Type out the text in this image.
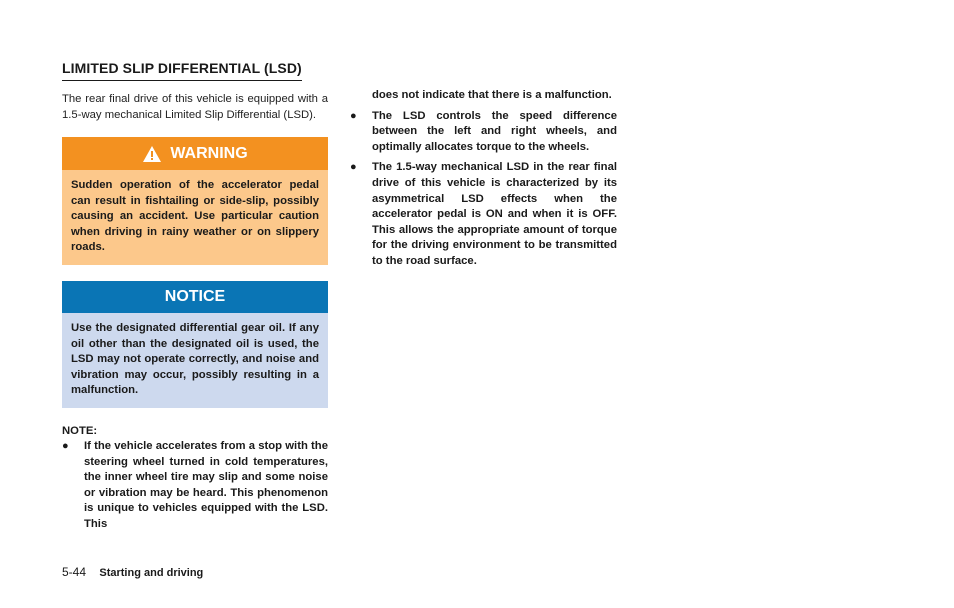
LIMITED SLIP DIFFERENTIAL (LSD)

The rear final drive of this vehicle is equipped with a 1.5-way mechanical Limited Slip Differential (LSD).

WARNING
Sudden operation of the accelerator pedal can result in fishtailing or side-slip, possibly causing an accident. Use particular caution when driving in rainy weather or on slippery roads.
NOTICE
Use the designated differential gear oil. If any oil other than the designated oil is used, the LSD may not operate correctly, and noise and vibration may occur, possibly resulting in a malfunction.
NOTE:
● If the vehicle accelerates from a stop with the steering wheel turned in cold temperatures, the inner wheel tire may slip and some noise or vibration may be heard. This phenomenon is unique to vehicles equipped with the LSD. This

does not indicate that there is a malfunction.

● The LSD controls the speed difference between the left and right wheels, and optimally allocates torque to the wheels.
● The 1.5-way mechanical LSD in the rear final drive of this vehicle is characterized by its asymmetrical LSD effects when the accelerator pedal is ON and when it is OFF. This allows the appropriate amount of torque for the driving environment to be transmitted to the road surface.
5-44 Starting and driving
